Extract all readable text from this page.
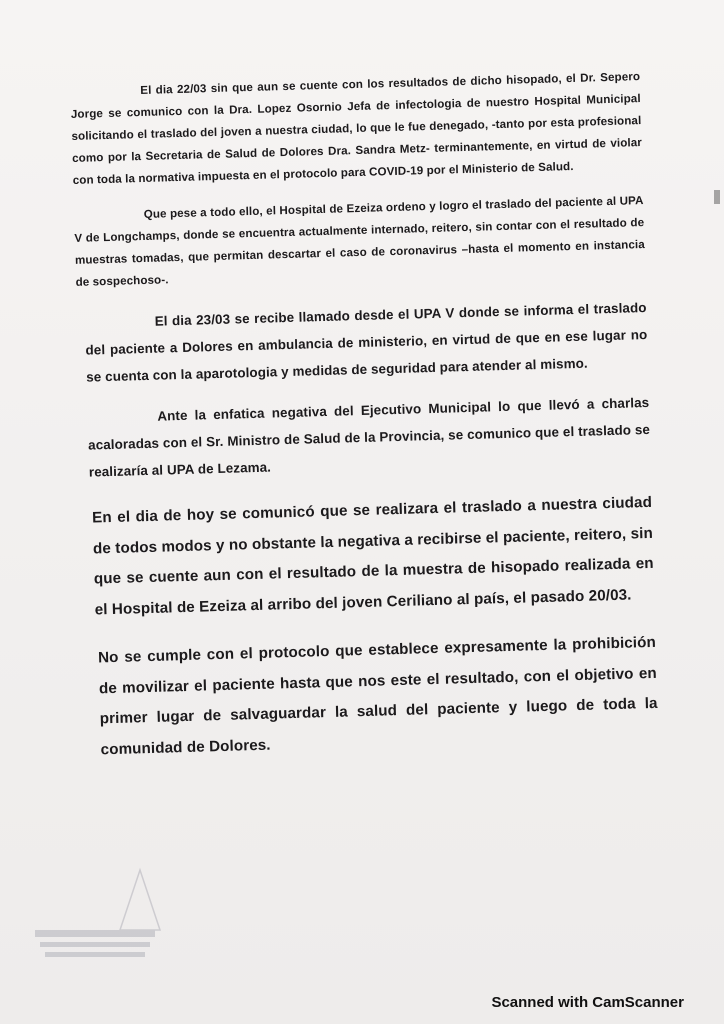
El dia 22/03 sin que aun se cuente con los resultados de dicho hisopado, el Dr. Sepero Jorge se comunico con la Dra. Lopez Osornio Jefa de infectologia de nuestro Hospital Municipal solicitando el traslado del joven a nuestra ciudad, lo que le fue denegado, -tanto por esta profesional como por la Secretaria de Salud de Dolores Dra. Sandra Metz- terminantemente, en virtud de violar con toda la normativa impuesta en el protocolo para COVID-19 por el Ministerio de Salud.

Que pese a todo ello, el Hospital de Ezeiza ordeno y logro el traslado del paciente al UPA V de Longchamps, donde se encuentra actualmente internado, reitero, sin contar con el resultado de muestras tomadas, que permitan descartar el caso de coronavirus –hasta el momento en instancia de sospechoso-.

El dia 23/03 se recibe llamado desde el UPA V donde se informa el traslado del paciente a Dolores en ambulancia de ministerio, en virtud de que en ese lugar no se cuenta con la aparotologia y medidas de seguridad para atender al mismo.

Ante la enfatica negativa del Ejecutivo Municipal lo que llevó a charlas acaloradas con el Sr. Ministro de Salud de la Provincia, se comunico que el traslado se realizaría al UPA de Lezama.

En el dia de hoy se comunicó que se realizara el traslado a nuestra ciudad de todos modos y no obstante la negativa a recibirse el paciente, reitero, sin que se cuente aun con el resultado de la muestra de hisopado realizada en el Hospital de Ezeiza al arribo del joven Ceriliano al país, el pasado 20/03.

No se cumple con el protocolo que establece expresamente la prohibición de movilizar el paciente hasta que nos este el resultado, con el objetivo en primer lugar de salvaguardar la salud del paciente y luego de toda la comunidad de Dolores.

Scanned with CamScanner
